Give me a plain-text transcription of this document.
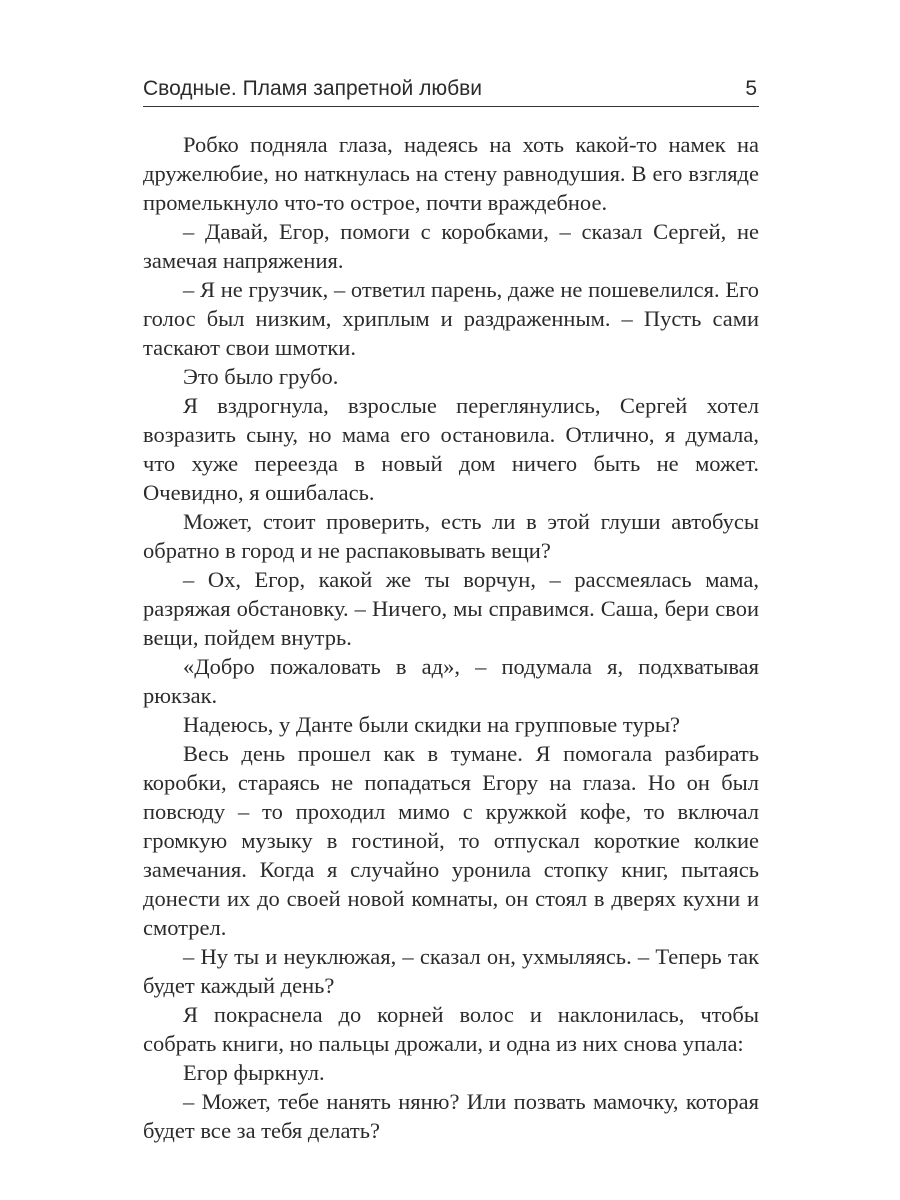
Сводные. Пламя запретной любви	5

Робко подняла глаза, надеясь на хоть какой-то намек на дружелюбие, но наткнулась на стену равнодушия. В его взгляде промелькнуло что-то острое, почти враждебное.

– Давай, Егор, помоги с коробками, – сказал Сергей, не замечая напряжения.

– Я не грузчик, – ответил парень, даже не пошевелился. Его голос был низким, хриплым и раздраженным. – Пусть сами таскают свои шмотки.

Это было грубо.

Я вздрогнула, взрослые переглянулись, Сергей хотел возразить сыну, но мама его остановила. Отлично, я думала, что хуже переезда в новый дом ничего быть не может. Очевидно, я ошибалась.

Может, стоит проверить, есть ли в этой глуши автобусы обратно в город и не распаковывать вещи?

– Ох, Егор, какой же ты ворчун, – рассмеялась мама, разряжая обстановку. – Ничего, мы справимся. Саша, бери свои вещи, пойдем внутрь.

«Добро пожаловать в ад», – подумала я, подхватывая рюкзак.

Надеюсь, у Данте были скидки на групповые туры?

Весь день прошел как в тумане. Я помогала разбирать коробки, стараясь не попадаться Егору на глаза. Но он был повсюду – то проходил мимо с кружкой кофе, то включал громкую музыку в гостиной, то отпускал короткие колкие замечания. Когда я случайно уронила стопку книг, пытаясь донести их до своей новой комнаты, он стоял в дверях кухни и смотрел.

– Ну ты и неуклюжая, – сказал он, ухмыляясь. – Теперь так будет каждый день?

Я покраснела до корней волос и наклонилась, чтобы собрать книги, но пальцы дрожали, и одна из них снова упала:

Егор фыркнул.

– Может, тебе нанять няню? Или позвать мамочку, которая будет все за тебя делать?
